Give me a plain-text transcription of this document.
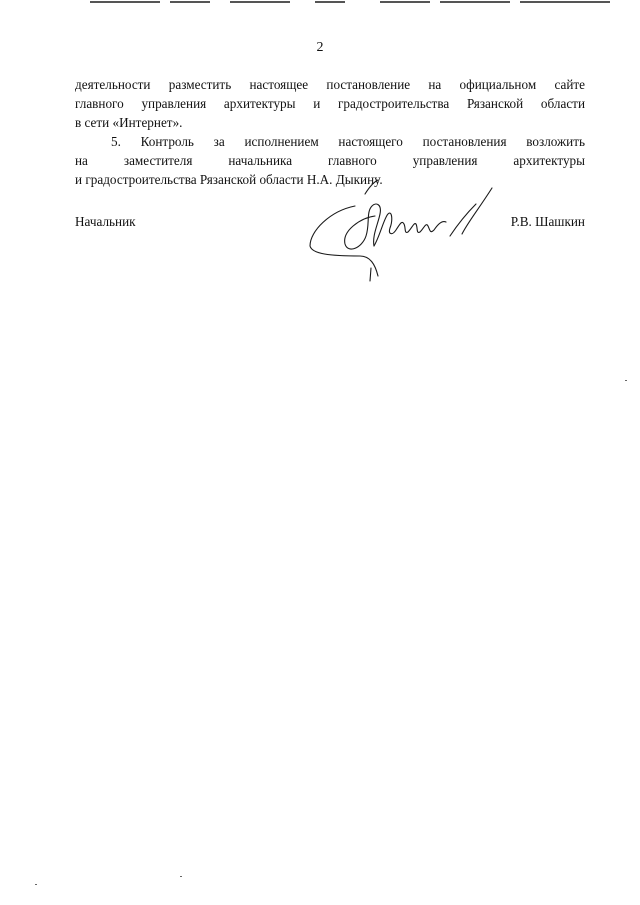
2
деятельности разместить настоящее постановление на официальном сайте
главного управления архитектуры и градостроительства Рязанской области
в сети «Интернет».
5. Контроль за исполнением настоящего постановления возложить
на заместителя начальника главного управления архитектуры
и градостроительства Рязанской области Н.А. Дыкину.
Начальник	Р.В. Шашкин
